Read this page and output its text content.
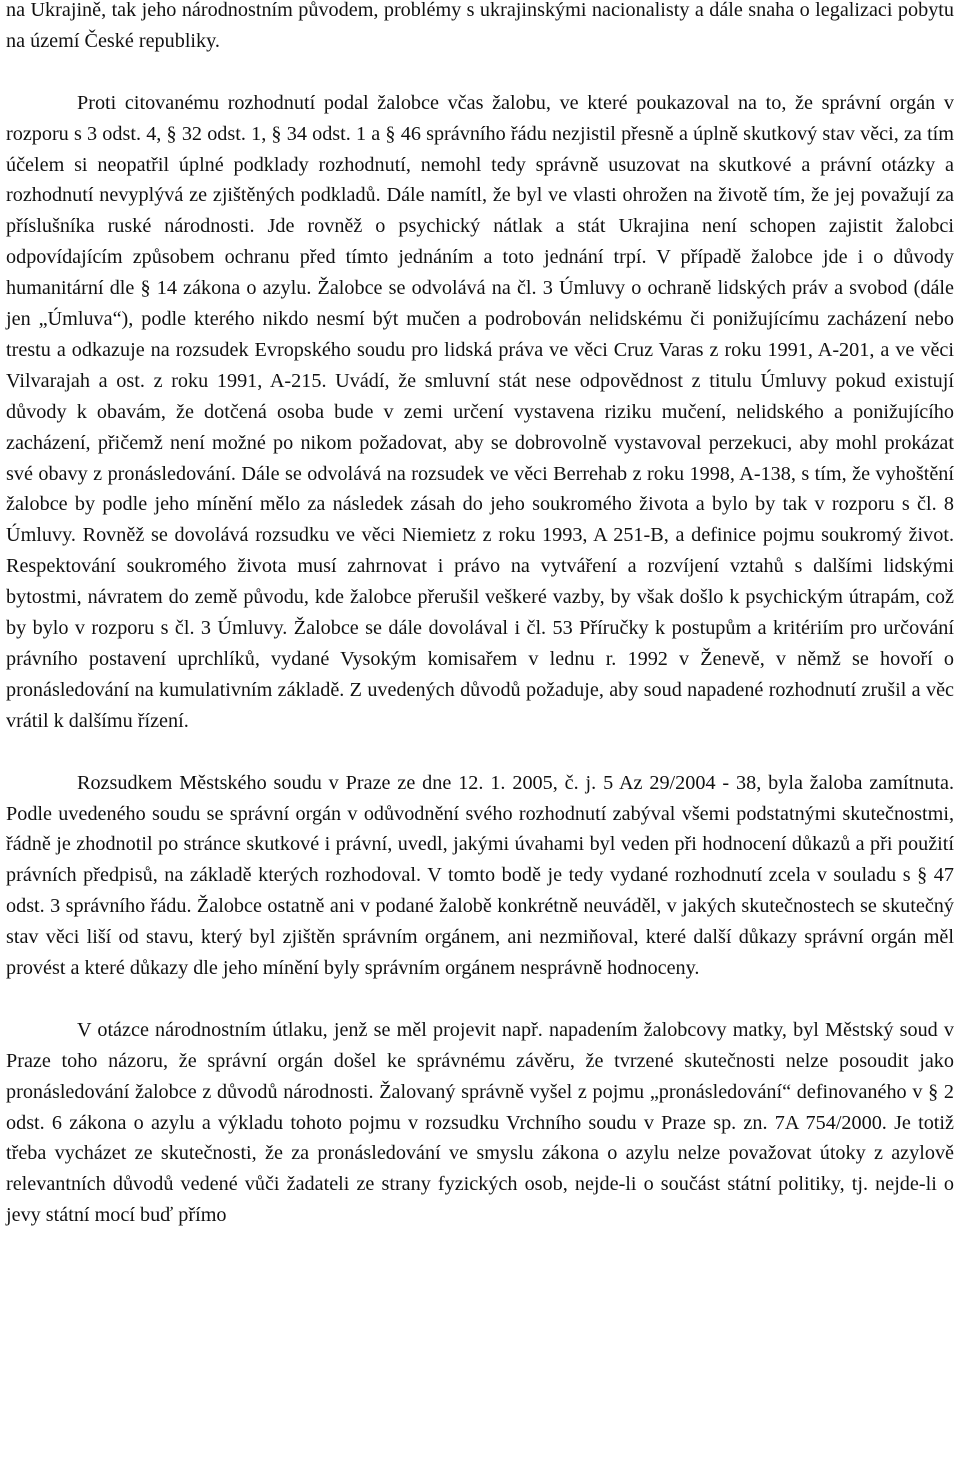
na Ukrajině, tak jeho národnostním původem, problémy s ukrajinskými nacionalisty a dále snaha o legalizaci pobytu na území České republiky.

Proti citovanému rozhodnutí podal žalobce včas žalobu, ve které poukazoval na to, že správní orgán v rozporu s 3 odst. 4, § 32 odst. 1, § 34 odst. 1 a § 46 správního řádu nezjistil přesně a úplně skutkový stav věci, za tím účelem si neopatřil úplné podklady rozhodnutí, nemohl tedy správně usuzovat na skutkové a právní otázky a rozhodnutí nevyplývá ze zjištěných podkladů. Dále namítl, že byl ve vlasti ohrožen na životě tím, že jej považují za příslušníka ruské národnosti. Jde rovněž o psychický nátlak a stát Ukrajina není schopen zajistit žalobci odpovídajícím způsobem ochranu před tímto jednáním a toto jednání trpí. V případě žalobce jde i o důvody humanitární dle § 14 zákona o azylu. Žalobce se odvolává na čl. 3 Úmluvy o ochraně lidských práv a svobod (dále jen „Úmluva“), podle kterého nikdo nesmí být mučen a podrobován nelidskému či ponižujícímu zacházení nebo trestu a odkazuje na rozsudek Evropského soudu pro lidská práva ve věci Cruz Varas z roku 1991, A-201, a ve věci Vilvarajah a ost. z roku 1991, A-215. Uvádí, že smluvní stát nese odpovědnost z titulu Úmluvy pokud existují důvody k obavám, že dotčená osoba bude v zemi určení vystavena riziku mučení, nelidského a ponižujícího zacházení, přičemž není možné po nikom požadovat, aby se dobrovolně vystavoval perzekuci, aby mohl prokázat své obavy z pronásledování. Dále se odvolává na rozsudek ve věci Berrehab z roku 1998, A-138, s tím, že vyhoštění žalobce by podle jeho mínění mělo za následek zásah do jeho soukromého života a bylo by tak v rozporu s čl. 8 Úmluvy. Rovněž se dovolává rozsudku ve věci Niemietz z roku 1993, A 251-B, a definice pojmu soukromý život. Respektování soukromého života musí zahrnovat i právo na vytváření a rozvíjení vztahů s dalšími lidskými bytostmi, návratem do země původu, kde žalobce přerušil veškeré vazby, by však došlo k psychickým útrapám, což by bylo v rozporu s čl. 3 Úmluvy. Žalobce se dále dovolával i čl. 53 Příručky k postupům a kritériím pro určování právního postavení uprchlíků, vydané Vysokým komisařem v lednu r. 1992 v Ženevě, v němž se hovoří o pronásledování na kumulativním základě. Z uvedených důvodů požaduje, aby soud napadené rozhodnutí zrušil a věc vrátil k dalšímu řízení.

Rozsudkem Městského soudu v Praze ze dne 12. 1. 2005, č. j. 5 Az 29/2004 - 38, byla žaloba zamítnuta. Podle uvedeného soudu se správní orgán v odůvodnění svého rozhodnutí zabýval všemi podstatnými skutečnostmi, řádně je zhodnotil po stránce skutkové i právní, uvedl, jakými úvahami byl veden při hodnocení důkazů a při použití právních předpisů, na základě kterých rozhodoval. V tomto bodě je tedy vydané rozhodnutí zcela v souladu s § 47 odst. 3 správního řádu. Žalobce ostatně ani v podané žalobě konkrétně neuváděl, v jakých skutečnostech se skutečný stav věci liší od stavu, který byl zjištěn správním orgánem, ani nezmiňoval, které další důkazy správní orgán měl provést a které důkazy dle jeho mínění byly správním orgánem nesprávně hodnoceny.

V otázce národnostním útlaku, jenž se měl projevit např. napadením žalobcovy matky, byl Městský soud v Praze toho názoru, že správní orgán došel ke správnému závěru, že tvrzené skutečnosti nelze posoudit jako pronásledování žalobce z důvodů národnosti. Žalovaný správně vyšel z pojmu „pronásledování“ definovaného v § 2 odst. 6 zákona o azylu a výkladu tohoto pojmu v rozsudku Vrchního soudu v Praze sp. zn. 7A 754/2000. Je totiž třeba vycházet ze skutečnosti, že za pronásledování ve smyslu zákona o azylu nelze považovat útoky z azylově relevantních důvodů vedené vůči žadateli ze strany fyzických osob, nejde-li o součást státní politiky, tj. nejde-li o jevy státní mocí buď přímo
